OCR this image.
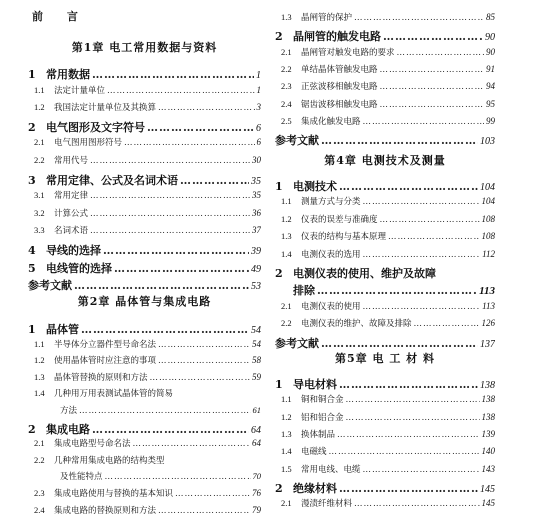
前 言
第1章 电工常用数据与资料
1 常用数据 ……………………………………………………………………………………	1
1.1	法定计量单位 ……………………………………………………………………………………	1
1.2	我国法定计量单位及其换算 ……………………………………………………………………………………	3
2 电气图形及文字符号 ……………………………………………………………………………………	6
2.1	电气图用图形符号 ……………………………………………………………………………………	6
2.2	常用代号 ……………………………………………………………………………………	30
3 常用定律、公式及名词术语 ……………………………………………………………………………………	35
3.1	常用定律 ……………………………………………………………………………………	35
3.2	计算公式 ……………………………………………………………………………………	36
3.3	名词术语 ……………………………………………………………………………………	37
4 导线的选择 ……………………………………………………………………………………	39
5 电线管的选择 ……………………………………………………………………………………	49
参考文献 ……………………………………………………………………………………	53
第2章 晶体管与集成电路
1 晶体管 ……………………………………………………………………………………	54
1.1	半导体分立器件型号命名法 ……………………………………………………………………………………	54
1.2	使用晶体管时应注意的事项 ……………………………………………………………………………………	58
1.3	晶体管替换的原则和方法 ……………………………………………………………………………………	59
1.4	几种用万用表测试晶体管的简易
方法 ……………………………………………………………………………………	61
2 集成电路 ……………………………………………………………………………………	64
2.1	集成电路型号命名法 ……………………………………………………………………………………	64
2.2	几种常用集成电路的结构类型
及性能特点 ……………………………………………………………………………………	70
2.3	集成电路使用与替换的基本知识 ……………………………………………………………………………………	76
2.4	集成电路的替换原则和方法 ……………………………………………………………………………………	79
1.3	晶闸管的保护 ……………………………………………………………………………………	85
2 晶闸管的触发电路 ……………………………………………………………………………………	90
2.1	晶闸管对触发电路的要求 ……………………………………………………………………………………	90
2.2	单结晶体管触发电路 ……………………………………………………………………………………	91
2.3	正弦波移相触发电路 ……………………………………………………………………………………	94
2.4	锯齿波移相触发电路 ……………………………………………………………………………………	95
2.5	集成化触发电路 ……………………………………………………………………………………	99
参考文献 ……………………………………………………………………………………	103
第4章 电测技术及测量
1 电测技术 ……………………………………………………………………………………	104
1.1	测量方式与分类 ……………………………………………………………………………………	104
1.2	仪表的误差与准确度 ……………………………………………………………………………………	108
1.3	仪表的结构与基本原理 ……………………………………………………………………………………	108
1.4	电测仪表的选用 ……………………………………………………………………………………	112
2 电测仪表的使用、维护及故障
排除 ……………………………………………………………………………………	113
2.1	电测仪表的使用 ……………………………………………………………………………………	113
2.2	电测仪表的维护、故障及排除 ……………………………………………………………………………………	126
参考文献 ……………………………………………………………………………………	137
第5章 电 工 材 料
1 导电材料 ……………………………………………………………………………………	138
1.1	铜和铜合金 ……………………………………………………………………………………	138
1.2	铝和铝合金 ……………………………………………………………………………………	138
1.3	换体制品 ……………………………………………………………………………………	139
1.4	电磁线 ……………………………………………………………………………………	140
1.5	常用电线、电缆 ……………………………………………………………………………………	143
2 绝缘材料 ……………………………………………………………………………………	145
2.1	漫渍纤维材料 ……………………………………………………………………………………	145
